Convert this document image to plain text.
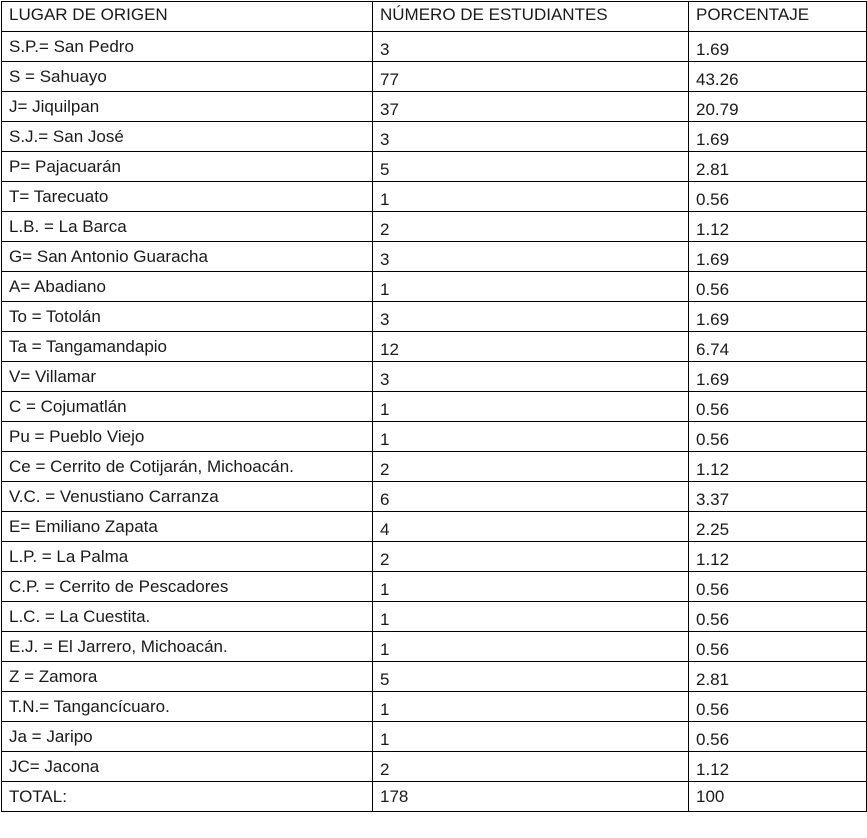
LUGAR DE ORIGEN	NÚMERO DE ESTUDIANTES	PORCENTAJE
S.P.= San Pedro	3	1.69
S = Sahuayo	77	43.26
J= Jiquilpan	37	20.79
S.J.= San José	3	1.69
P= Pajacuarán	5	2.81
T= Tarecuato	1	0.56
L.B. = La Barca	2	1.12
G= San Antonio Guaracha	3	1.69
A= Abadiano	1	0.56
To = Totolán	3	1.69
Ta = Tangamandapio	12	6.74
V= Villamar	3	1.69
C = Cojumatlán	1	0.56
Pu = Pueblo Viejo	1	0.56
Ce = Cerrito de Cotijarán, Michoacán.	2	1.12
V.C. = Venustiano Carranza	6	3.37
E= Emiliano Zapata	4	2.25
L.P. = La Palma	2	1.12
C.P. = Cerrito de Pescadores	1	0.56
L.C. = La Cuestita.	1	0.56
E.J. = El Jarrero, Michoacán.	1	0.56
Z = Zamora	5	2.81
T.N.= Tangancícuaro.	1	0.56
Ja = Jaripo	1	0.56
JC= Jacona	2	1.12
TOTAL:	178	100
